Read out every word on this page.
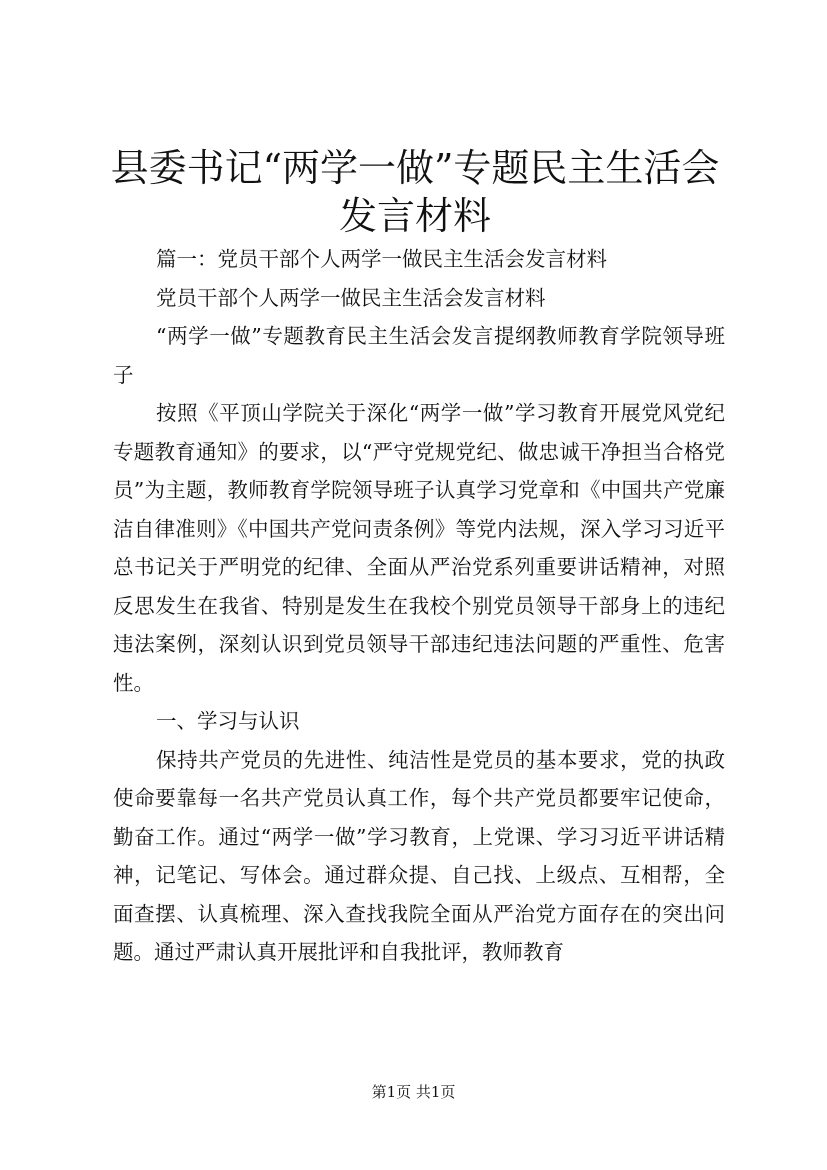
县委书记“两学一做”专题民主生活会发言材料

篇一：党员干部个人两学一做民主生活会发言材料

党员干部个人两学一做民主生活会发言材料

“两学一做”专题教育民主生活会发言提纲教师教育学院领导班子

按照《平顶山学院关于深化“两学一做”学习教育开展党风党纪专题教育通知》的要求，以“严守党规党纪、做忠诚干净担当合格党员”为主题，教师教育学院领导班子认真学习党章和《中国共产党廉洁自律准则》《中国共产党问责条例》等党内法规，深入学习习近平总书记关于严明党的纪律、全面从严治党系列重要讲话精神，对照反思发生在我省、特别是发生在我校个别党员领导干部身上的违纪违法案例，深刻认识到党员领导干部违纪违法问题的严重性、危害性。

一、学习与认识

保持共产党员的先进性、纯洁性是党员的基本要求，党的执政使命要靠每一名共产党员认真工作，每个共产党员都要牢记使命，勤奋工作。通过“两学一做”学习教育，上党课、学习习近平讲话精神，记笔记、写体会。通过群众提、自己找、上级点、互相帮，全面查摆、认真梳理、深入查找我院全面从严治党方面存在的突出问题。通过严肃认真开展批评和自我批评，教师教育

第1页 共1页
